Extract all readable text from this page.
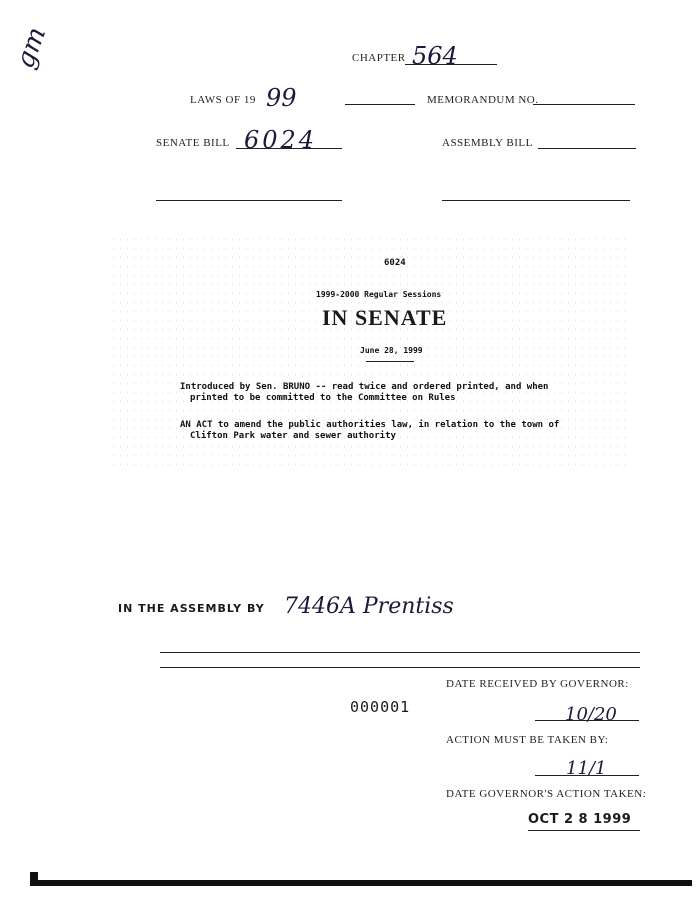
gm	CHAPTER 564
LAWS OF 19 99	MEMORANDUM NO.
SENATE BILL 6024	ASSEMBLY BILL
6024
1999-2000 Regular Sessions
IN SENATE
June 28, 1999
Introduced by Sen. BRUNO -- read twice and ordered printed, and when
printed to be committed to the Committee on Rules
AN ACT to amend the public authorities law, in relation to the town of
Clifton Park water and sewer authority
IN THE ASSEMBLY BY 7446A Prentiss
000001
DATE RECEIVED BY GOVERNOR:
10/20
ACTION MUST BE TAKEN BY:
11/1
DATE GOVERNOR'S ACTION TAKEN:
OCT 2 8 1999
